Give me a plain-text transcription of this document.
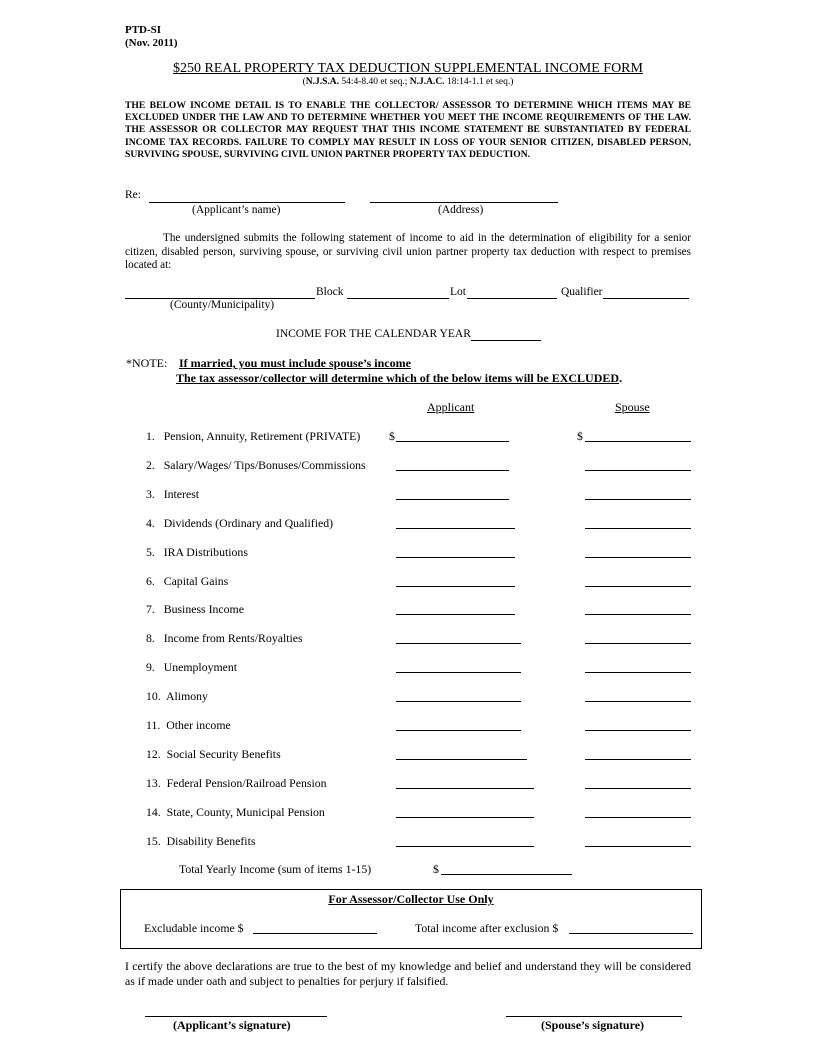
PTD-SI
(Nov. 2011)
$250 REAL PROPERTY TAX DEDUCTION SUPPLEMENTAL INCOME FORM
(N.J.S.A. 54:4-8.40 et seq.; N.J.A.C. 18:14-1.1 et seq.)
THE BELOW INCOME DETAIL IS TO ENABLE THE COLLECTOR/ ASSESSOR TO DETERMINE WHICH ITEMS MAY BE EXCLUDED UNDER THE LAW AND TO DETERMINE WHETHER YOU MEET THE INCOME REQUIREMENTS OF THE LAW. THE ASSESSOR OR COLLECTOR MAY REQUEST THAT THIS INCOME STATEMENT BE SUBSTANTIATED BY FEDERAL INCOME TAX RECORDS. FAILURE TO COMPLY MAY RESULT IN LOSS OF YOUR SENIOR CITIZEN, DISABLED PERSON, SURVIVING SPOUSE, SURVIVING CIVIL UNION PARTNER PROPERTY TAX DEDUCTION.
Re:
(Applicant’s name)	(Address)
The undersigned submits the following statement of income to aid in the determination of eligibility for a senior citizen, disabled person, surviving spouse, or surviving civil union partner property tax deduction with respect to premises located at:
Block	Lot	Qualifier
(County/Municipality)
INCOME FOR THE CALENDAR YEAR
*NOTE: If married, you must include spouse’s income
The tax assessor/collector will determine which of the below items will be EXCLUDED.
Applicant	Spouse
1.   Pension, Annuity, Retirement (PRIVATE) $	$
2.   Salary/Wages/ Tips/Bonuses/Commissions
3.   Interest
4.   Dividends (Ordinary and Qualified)
5.   IRA Distributions
6.   Capital Gains
7.   Business Income
8.   Income from Rents/Royalties
9.   Unemployment
10.  Alimony
11.  Other income
12.  Social Security Benefits
13.  Federal Pension/Railroad Pension
14.  State, County, Municipal Pension
15.  Disability Benefits
Total Yearly Income (sum of items 1-15)	$
For Assessor/Collector Use Only
Excludable income $	Total income after exclusion $
I certify the above declarations are true to the best of my knowledge and belief and understand they will be considered as if made under oath and subject to penalties for perjury if falsified.
(Applicant’s signature)	(Spouse’s signature)
